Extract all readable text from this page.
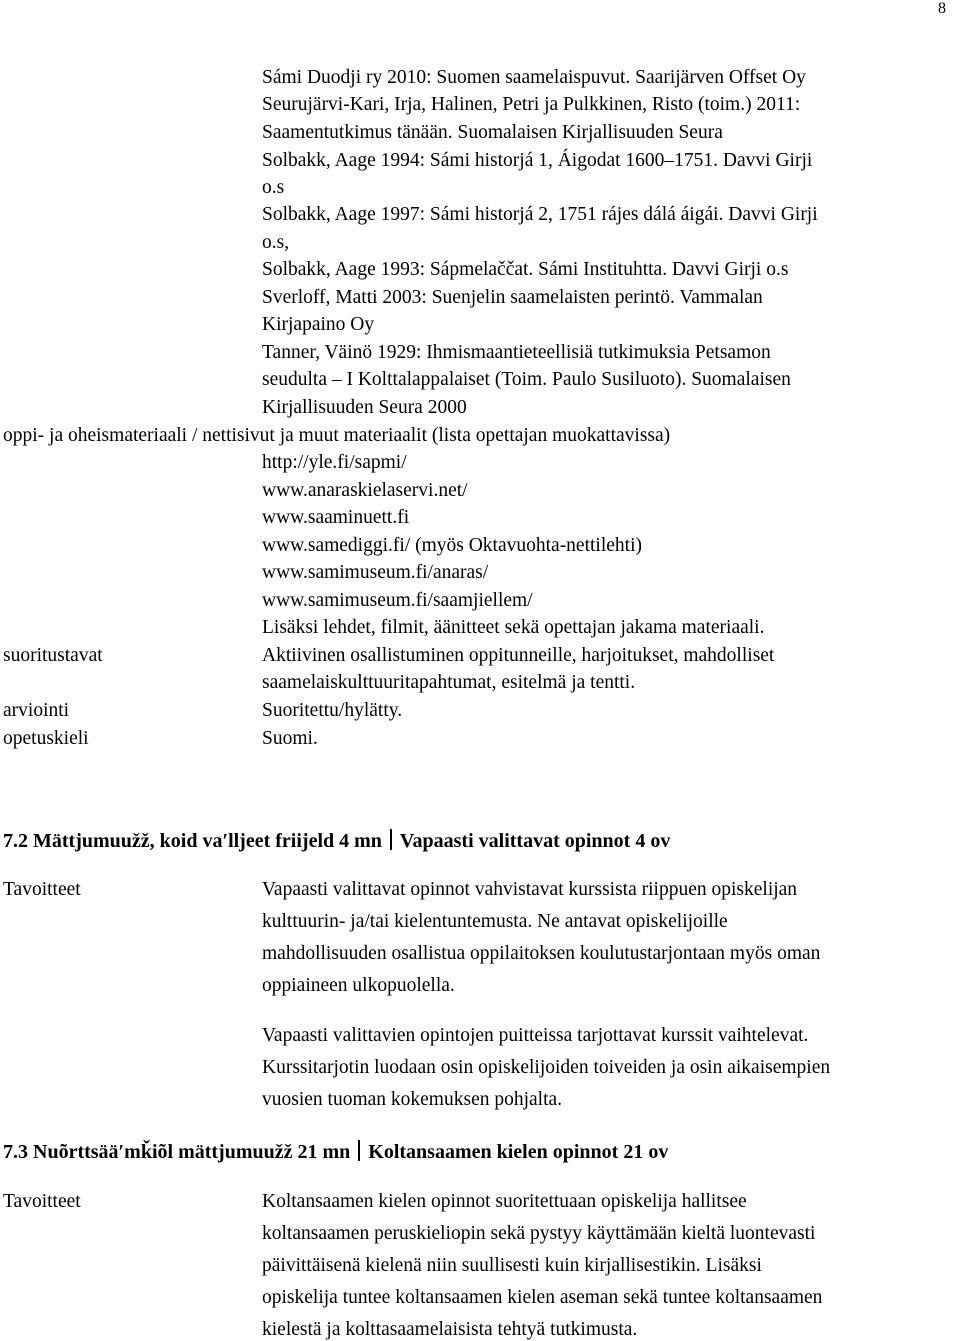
8
Sámi Duodji ry 2010: Suomen saamelaispuvut. Saarijärven Offset Oy
Seurujärvi-Kari, Irja, Halinen, Petri ja Pulkkinen, Risto (toim.) 2011:
Saamentutkimus tänään. Suomalaisen Kirjallisuuden Seura
Solbakk, Aage 1994: Sámi historjá 1, Áigodat 1600–1751. Davvi Girji
o.s
Solbakk, Aage 1997: Sámi historjá 2, 1751 rájes dálá áigái. Davvi Girji
o.s,
Solbakk, Aage 1993: Sápmelaččat. Sámi Instituhtta. Davvi Girji o.s
Sverloff, Matti 2003: Suenjelin saamelaisten perintö. Vammalan
Kirjapaino Oy
Tanner, Väinö 1929: Ihmismaantieteellisiä tutkimuksia Petsamon
seudulta – I Kolttalappalaiset (Toim. Paulo Susiluoto). Suomalaisen
Kirjallisuuden Seura 2000
oppi- ja oheismateriaali / nettisivut ja muut materiaalit (lista opettajan muokattavissa)
http://yle.fi/sapmi/
www.anaraskielaservi.net/
www.saaminuett.fi
www.samediggi.fi/ (myös Oktavuohta-nettilehti)
www.samimuseum.fi/anaras/
www.samimuseum.fi/saamjiellem/
Lisäksi lehdet, filmit, äänitteet sekä opettajan jakama materiaali.
suoritustavat	Aktiivinen osallistuminen oppitunneille, harjoitukset, mahdolliset
saamelaiskulttuuritapahtumat, esitelmä ja tentti.
arviointi	Suoritettu/hylätty.
opetuskieli	Suomi.
7.2 Mättjumuužž, koid va′lljeet friijeld 4 mn Vapaasti valittavat opinnot 4 ov
Tavoitteet	Vapaasti valittavat opinnot vahvistavat kurssista riippuen opiskelijan
kulttuurin- ja/tai kielentuntemusta. Ne antavat opiskelijoille
mahdollisuuden osallistua oppilaitoksen koulutustarjontaan myös oman
oppiaineen ulkopuolella.
Vapaasti valittavien opintojen puitteissa tarjottavat kurssit vaihtelevat.
Kurssitarjotin luodaan osin opiskelijoiden toiveiden ja osin aikaisempien
vuosien tuoman kokemuksen pohjalta.
7.3 Nuõrttsää′mǩiõl mättjumuužž 21 mn Koltansaamen kielen opinnot 21 ov
Tavoitteet	Koltansaamen kielen opinnot suoritettuaan opiskelija hallitsee
koltansaamen peruskieliopin sekä pystyy käyttämään kieltä luontevasti
päivittäisenä kielenä niin suullisesti kuin kirjallisestikin. Lisäksi
opiskelija tuntee koltansaamen kielen aseman sekä tuntee koltansaamen
kielestä ja kolttasaamelaisista tehtyä tutkimusta.
